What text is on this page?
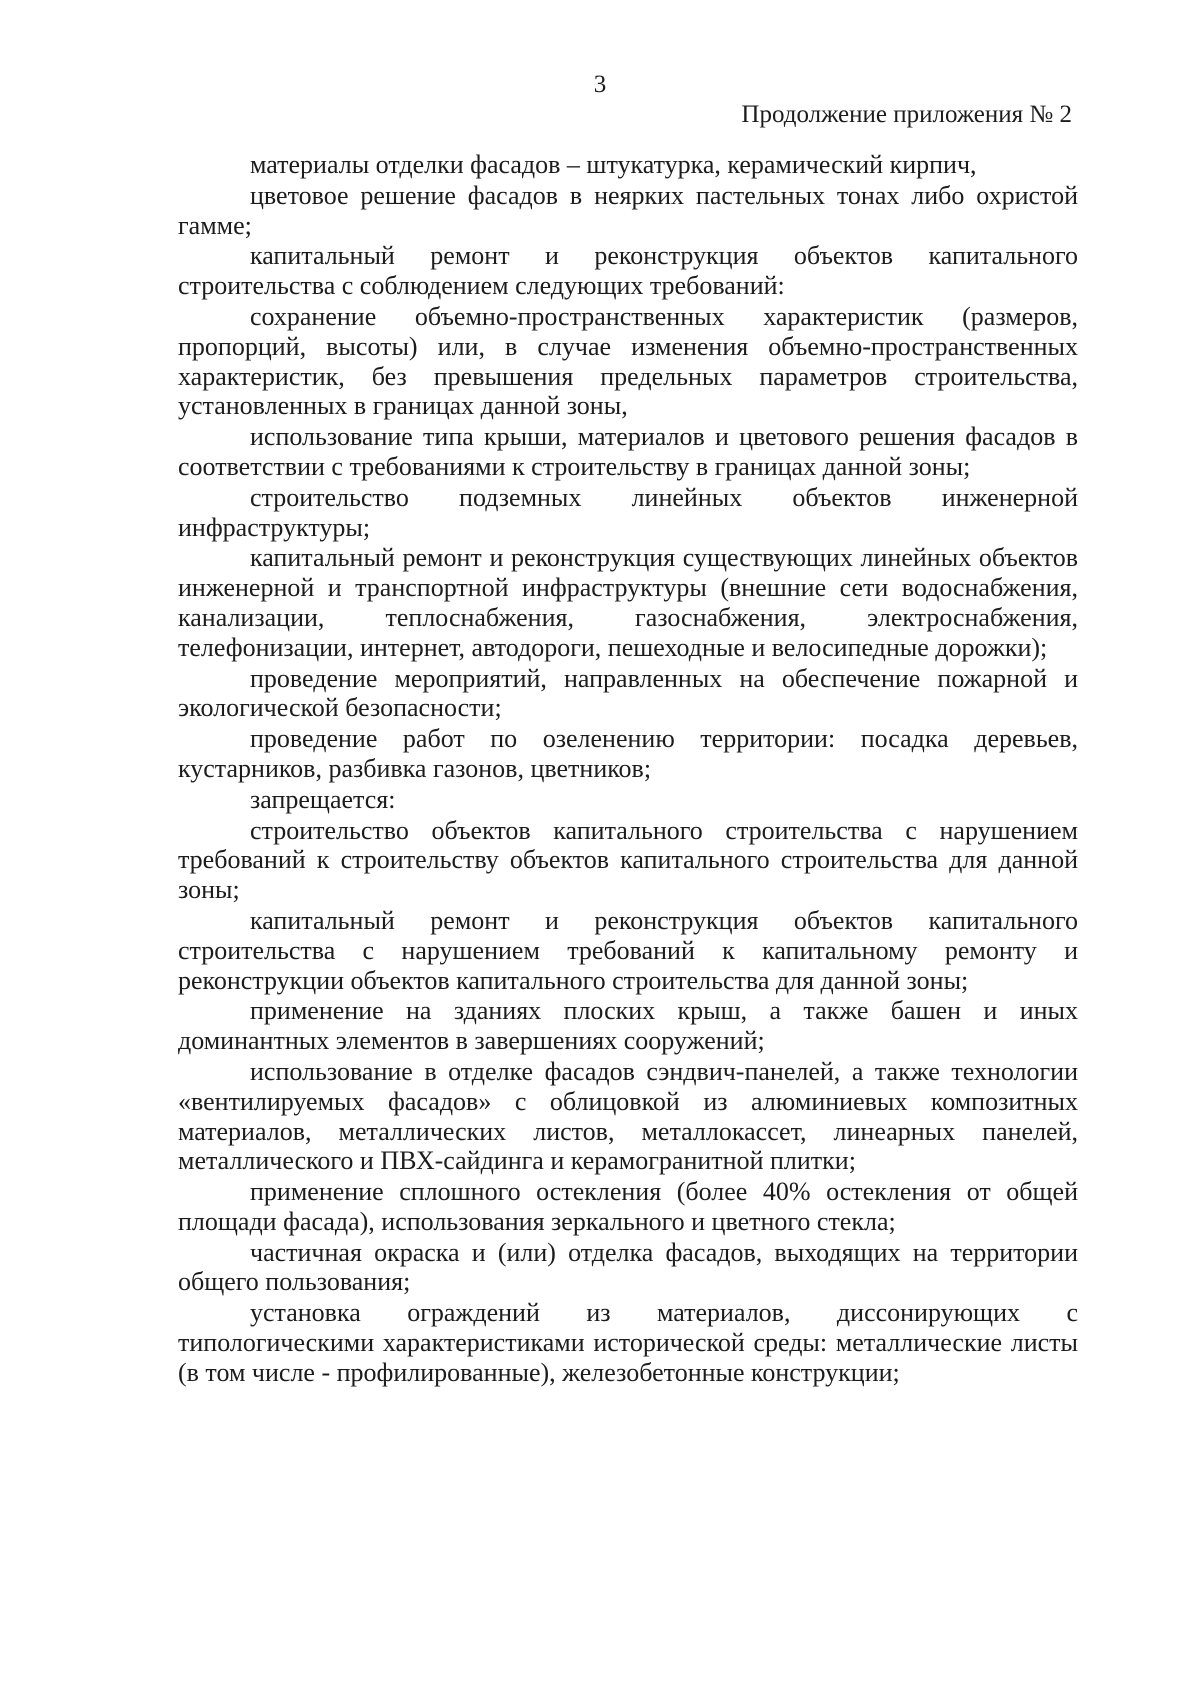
3
Продолжение приложения № 2

материалы отделки фасадов – штукатурка, керамический кирпич,

цветовое решение фасадов в неярких пастельных тонах либо охристой гамме;

капитальный ремонт и реконструкция объектов капитального строительства с соблюдением следующих требований:

сохранение объемно-пространственных характеристик (размеров, пропорций, высоты) или, в случае изменения объемно-пространственных характеристик, без превышения предельных параметров строительства, установленных в границах данной зоны,

использование типа крыши, материалов и цветового решения фасадов в соответствии с требованиями к строительству в границах данной зоны;

строительство подземных линейных объектов инженерной инфраструктуры;

капитальный ремонт и реконструкция существующих линейных объектов инженерной и транспортной инфраструктуры (внешние сети водоснабжения, канализации, теплоснабжения, газоснабжения, электроснабжения, телефонизации, интернет, автодороги, пешеходные и велосипедные дорожки);

проведение мероприятий, направленных на обеспечение пожарной и экологической безопасности;

проведение работ по озеленению территории: посадка деревьев, кустарников, разбивка газонов, цветников;

запрещается:

строительство объектов капитального строительства с нарушением требований к строительству объектов капитального строительства для данной зоны;

капитальный ремонт и реконструкция объектов капитального строительства с нарушением требований к капитальному ремонту и реконструкции объектов капитального строительства для данной зоны;

применение на зданиях плоских крыш, а также башен и иных доминантных элементов в завершениях сооружений;

использование в отделке фасадов сэндвич-панелей, а также технологии «вентилируемых фасадов» с облицовкой из алюминиевых композитных материалов, металлических листов, металлокассет, линеарных панелей, металлического и ПВХ-сайдинга и керамогранитной плитки;

применение сплошного остекления (более 40% остекления от общей площади фасада), использования зеркального и цветного стекла;

частичная окраска и (или) отделка фасадов, выходящих на территории общего пользования;

установка ограждений из материалов, диссонирующих с типологическими характеристиками исторической среды: металлические листы (в том числе - профилированные), железобетонные конструкции;
